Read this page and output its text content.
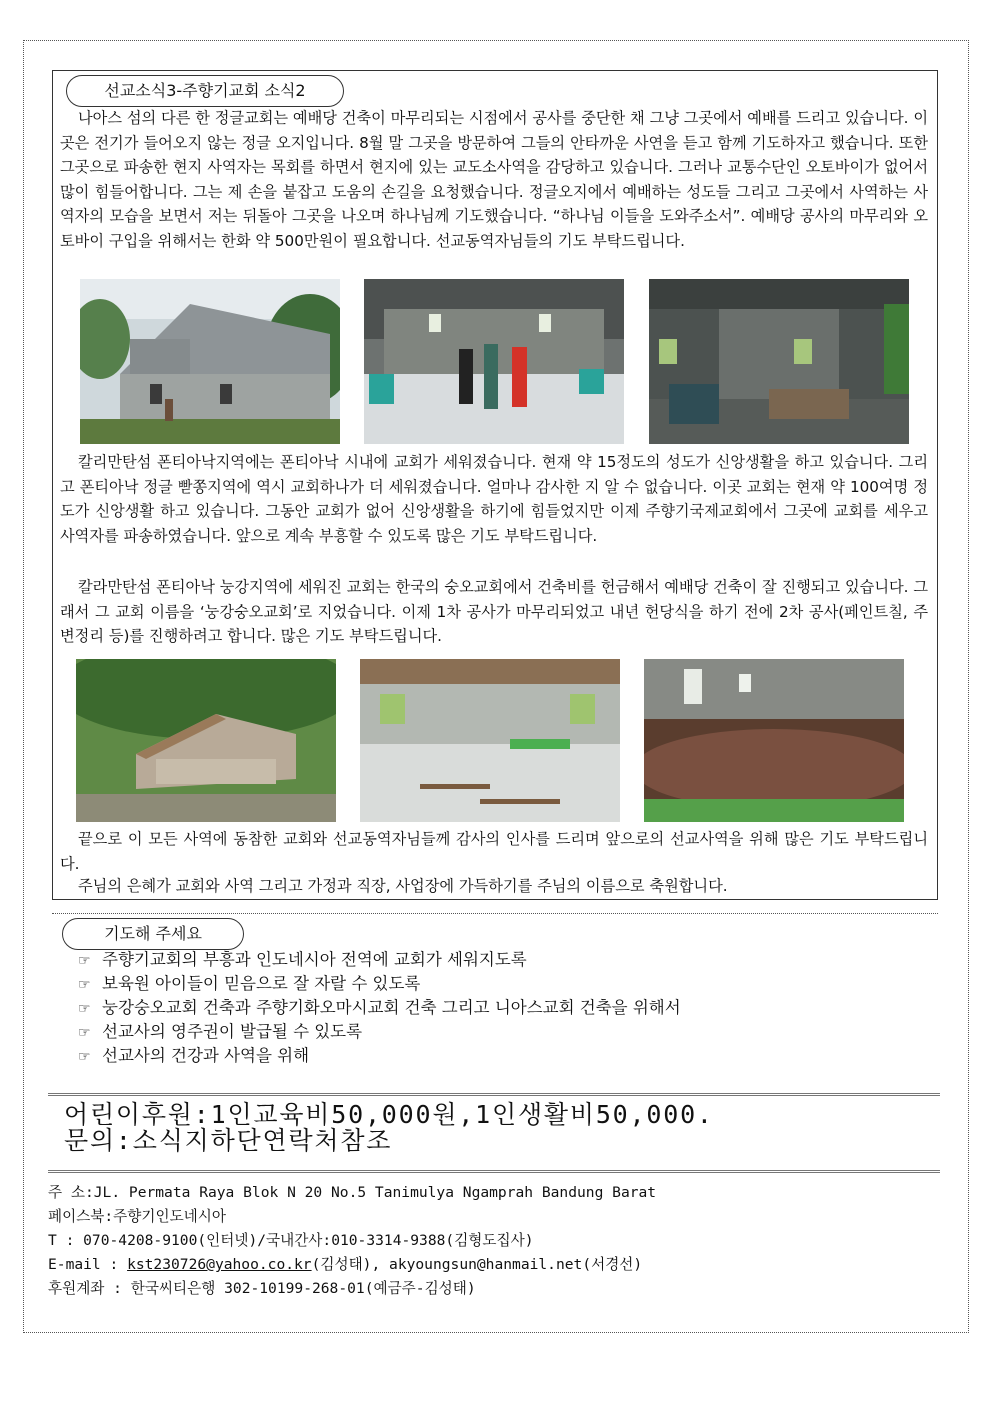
선교소식3-주향기교회 소식2

나아스 섬의 다른 한 정글교회는 예배당 건축이 마무리되는 시점에서 공사를 중단한 채 그냥 그곳에서 예배를 드리고 있습니다. 이 곳은 전기가 들어오지 않는 정글 오지입니다. 8월 말 그곳을 방문하여 그들의 안타까운 사연을 듣고 함께 기도하자고 했습니다. 또한 그곳으로 파송한 현지 사역자는 목회를 하면서 현지에 있는 교도소사역을 감당하고 있습니다. 그러나 교통수단인 오토바이가 없어서 많이 힘들어합니다. 그는 제 손을 붙잡고 도움의 손길을 요청했습니다. 정글오지에서 예배하는 성도들 그리고 그곳에서 사역하는 사역자의 모습을 보면서 저는 뒤돌아 그곳을 나오며 하나님께 기도했습니다. “하나님 이들을 도와주소서”. 예배당 공사의 마무리와 오토바이 구입을 위해서는 한화 약 500만원이 필요합니다. 선교동역자님들의 기도 부탁드립니다.

칼리만탄섬 폰티아낙지역에는 폰티아낙 시내에 교회가 세워졌습니다. 현재 약 15정도의 성도가 신앙생활을 하고 있습니다. 그리고 폰티아낙 정글 빧쫑지역에 역시 교회하나가 더 세워졌습니다. 얼마나 감사한 지 알 수 없습니다. 이곳 교회는 현재 약 100여명 정도가 신앙생활 하고 있습니다. 그동안 교회가 없어 신앙생활을 하기에 힘들었지만 이제 주향기국제교회에서 그곳에 교회를 세우고 사역자를 파송하였습니다. 앞으로 계속 부흥할 수 있도록 많은 기도 부탁드립니다.

칼라만탄섬 폰티아낙 눙강지역에 세워진 교회는 한국의 숭오교회에서 건축비를 헌금해서 예배당 건축이 잘 진행되고 있습니다. 그래서 그 교회 이름을 ‘눙강숭오교회’로 지었습니다. 이제 1차 공사가 마무리되었고 내년 헌당식을 하기 전에 2차 공사(페인트칠, 주변정리 등)를 진행하려고 합니다. 많은 기도 부탁드립니다.

끝으로 이 모든 사역에 동참한 교회와 선교동역자님들께 감사의 인사를 드리며 앞으로의 선교사역을 위해 많은 기도 부탁드립니다.

주님의 은혜가 교회와 사역 그리고 가정과 직장, 사업장에 가득하기를 주님의 이름으로 축원합니다.

기도해 주세요
☞ 주향기교회의 부흥과 인도네시아 전역에 교회가 세워지도록
☞ 보육원 아이들이 믿음으로 잘 자랄 수 있도록
☞ 눙강숭오교회 건축과 주향기화오마시교회 건축 그리고 니아스교회 건축을 위해서
☞ 선교사의 영주권이 발급될 수 있도록
☞ 선교사의 건강과 사역을 위해
어린이후원:1인교육비50,000원,1인생활비50,000.
문의:소식지하단연락처참조
주 소:JL. Permata Raya Blok N 20 No.5 Tanimulya Ngamprah Bandung Barat
페이스북:주향기인도네시아
T : 070-4208-9100(인터넷)/국내간사:010-3314-9388(김형도집사)
E-mail : kst230726@yahoo.co.kr(김성태), akyoungsun@hanmail.net(서경선)
후원계좌 : 한국씨티은행 302-10199-268-01(예금주-김성태)
